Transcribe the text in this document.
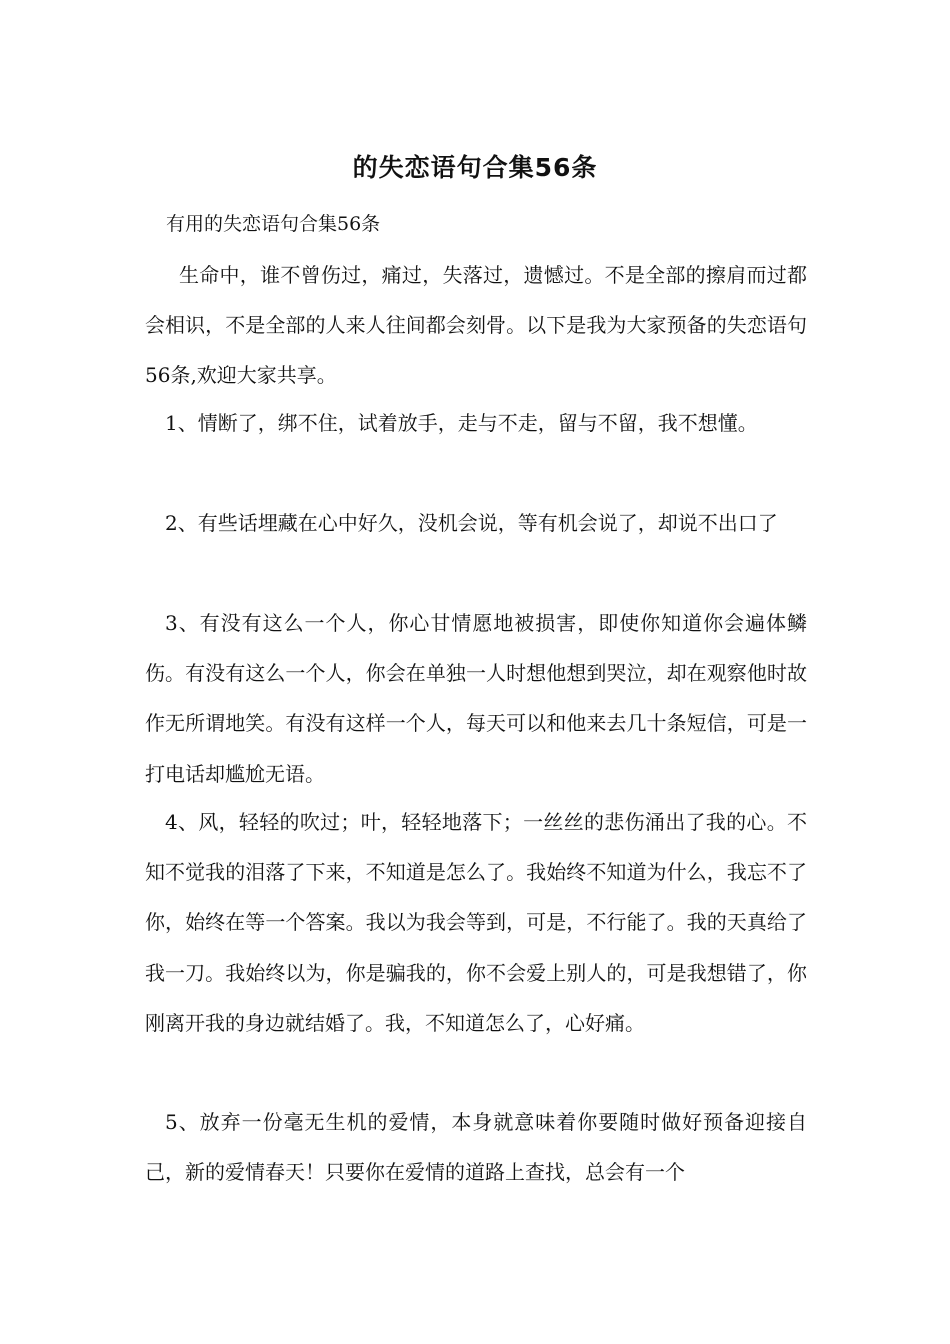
的失恋语句合集56条
有用的失恋语句合集56条

生命中，谁不曾伤过，痛过，失落过，遗憾过。不是全部的擦肩而过都会相识，不是全部的人来人往间都会刻骨。以下是我为大家预备的失恋语句56条,欢迎大家共享。

1、情断了，绑不住，试着放手，走与不走，留与不留，我不想懂。

2、有些话埋藏在心中好久，没机会说，等有机会说了，却说不出口了

3、有没有这么一个人，你心甘情愿地被损害，即使你知道你会遍体鳞伤。有没有这么一个人，你会在单独一人时想他想到哭泣，却在观察他时故作无所谓地笑。有没有这样一个人，每天可以和他来去几十条短信，可是一打电话却尴尬无语。

4、风，轻轻的吹过；叶，轻轻地落下；一丝丝的悲伤涌出了我的心。不知不觉我的泪落了下来，不知道是怎么了。我始终不知道为什么，我忘不了你，始终在等一个答案。我以为我会等到，可是，不行能了。我的天真给了我一刀。我始终以为，你是骗我的，你不会爱上别人的，可是我想错了，你刚离开我的身边就结婚了。我，不知道怎么了，心好痛。

5、放弃一份毫无生机的爱情，本身就意味着你要随时做好预备迎接自己，新的爱情春天！只要你在爱情的道路上查找，总会有一个
